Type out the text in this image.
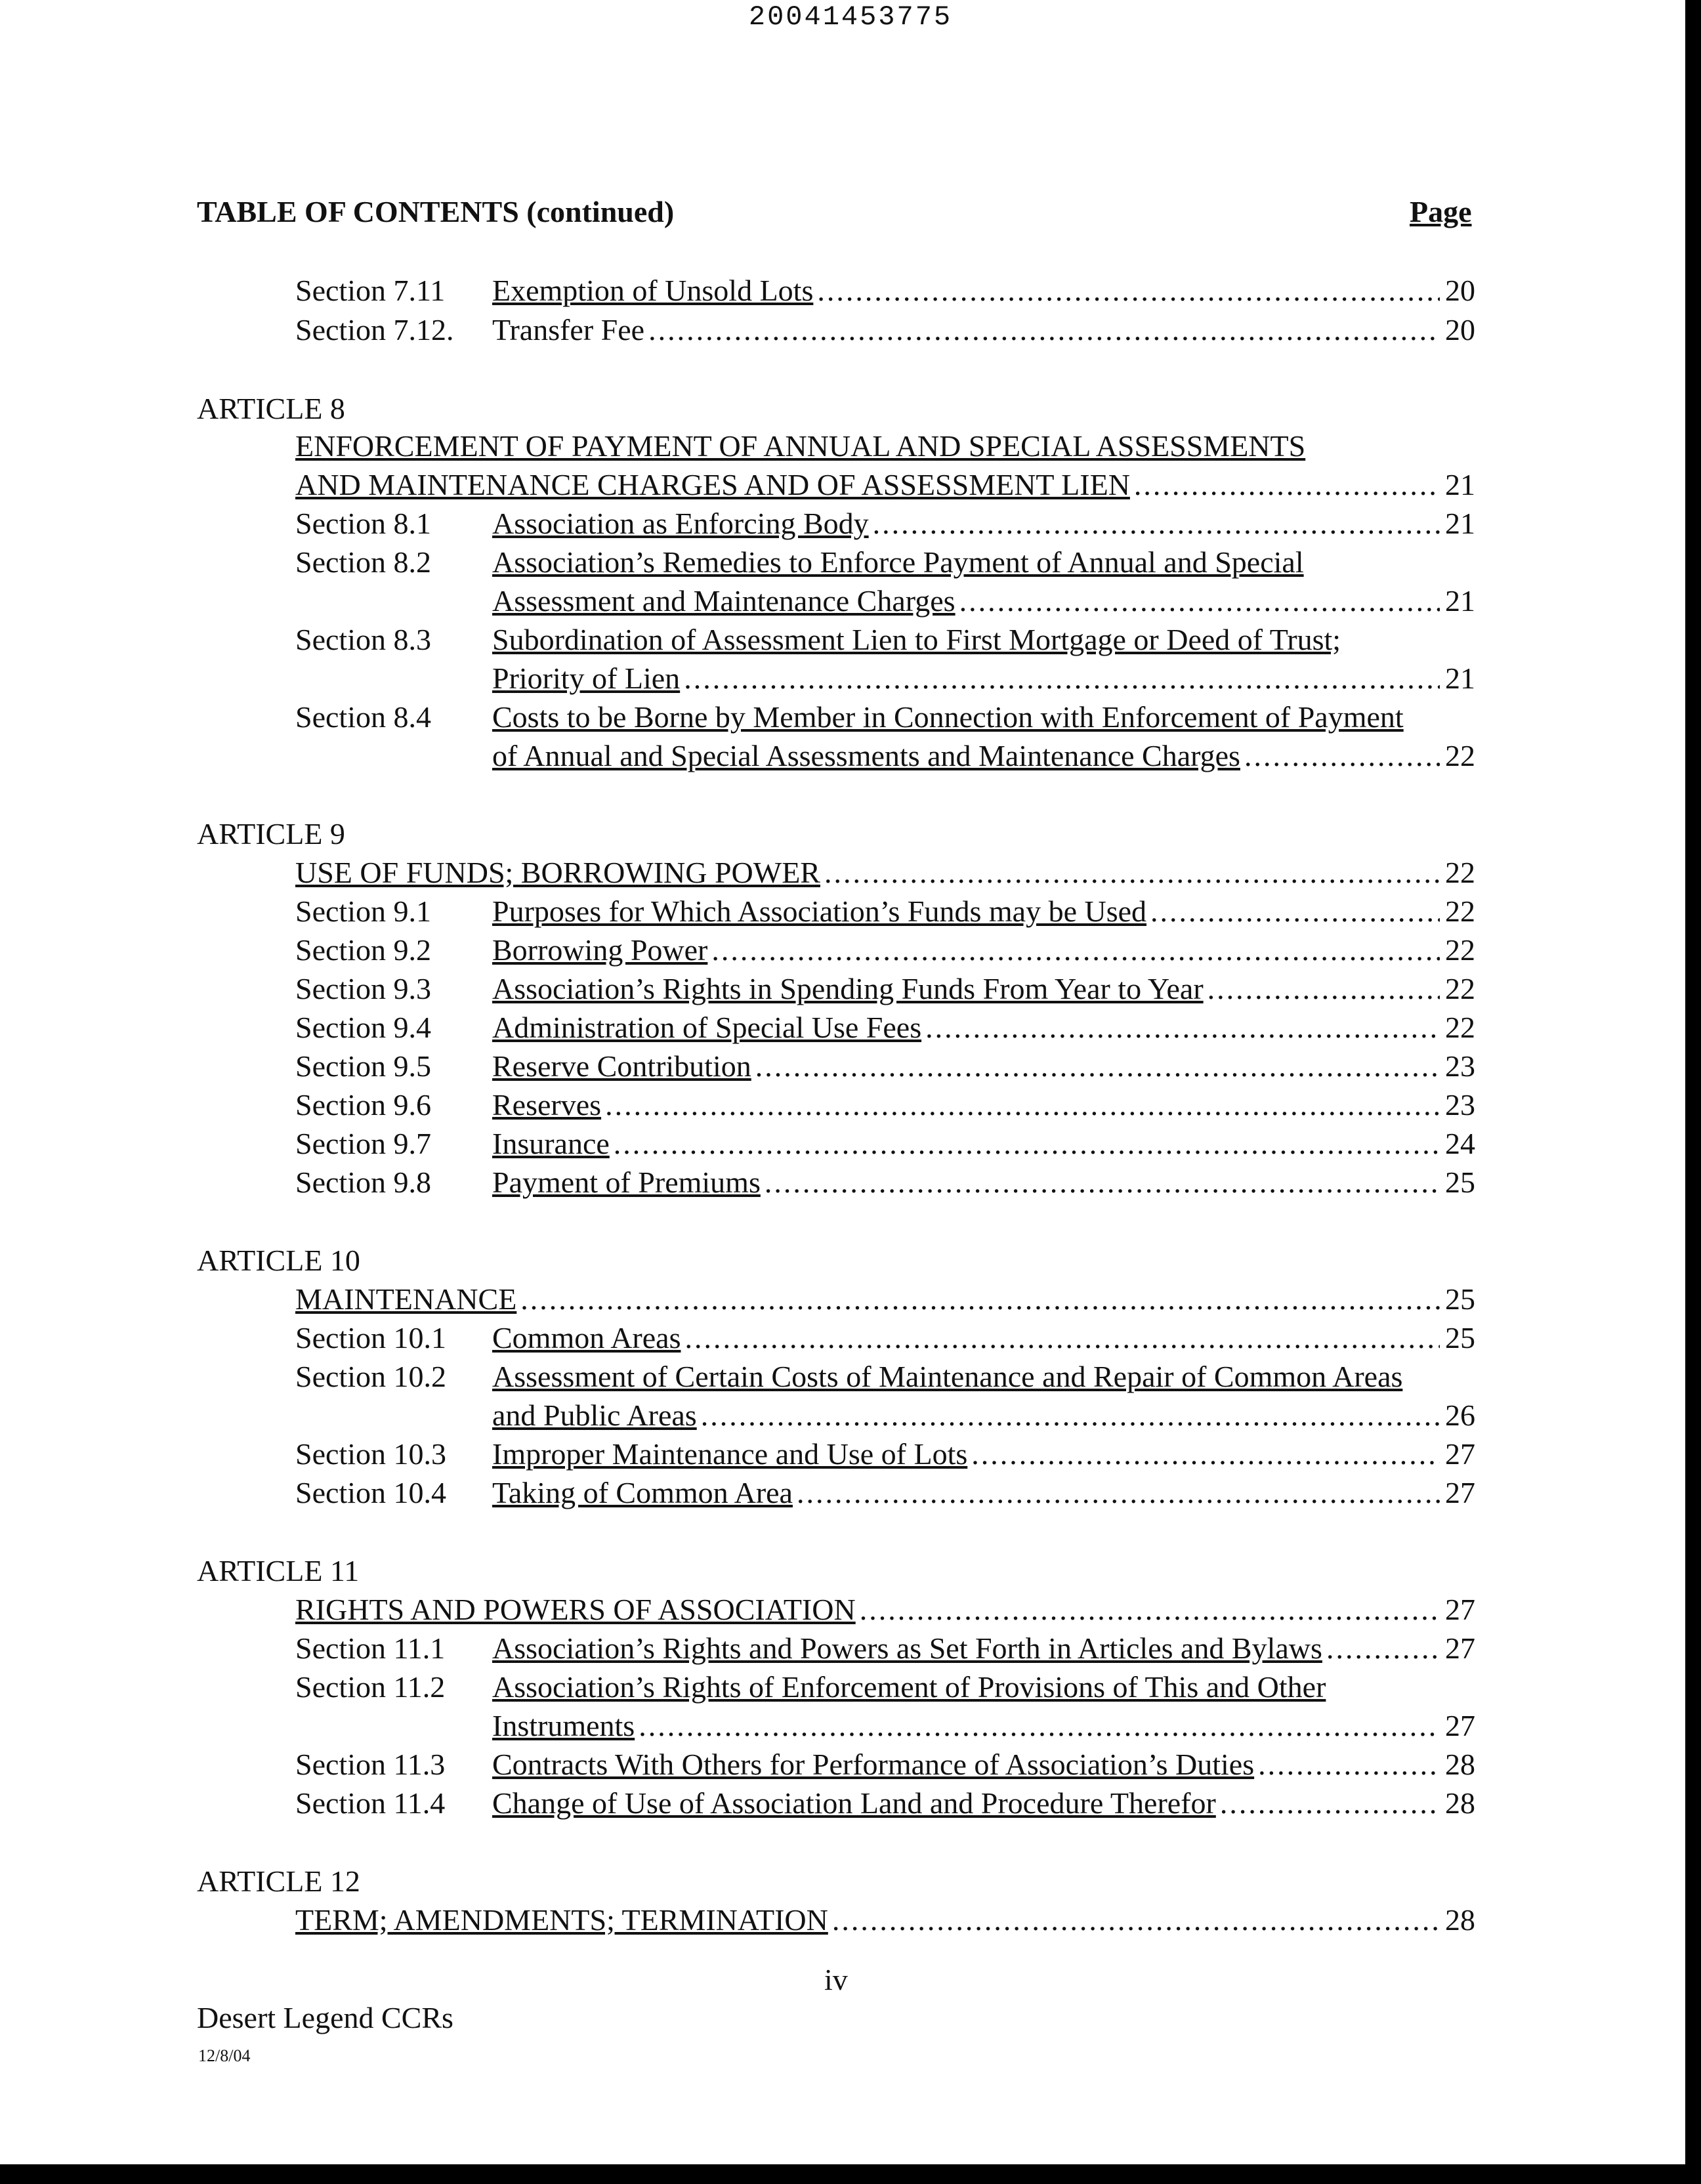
20041453775
TABLE OF CONTENTS (continued)	Page
Section 7.11 Exemption of Unsold Lots .....	20
Section 7.12. Transfer Fee .....	20
ARTICLE 8
ENFORCEMENT OF PAYMENT OF ANNUAL AND SPECIAL ASSESSMENTS
AND MAINTENANCE CHARGES AND OF ASSESSMENT LIEN .....	21
Section 8.1 Association as Enforcing Body .....	21
Section 8.2 Association’s Remedies to Enforce Payment of Annual and Special
Assessment and Maintenance Charges .....	21
Section 8.3 Subordination of Assessment Lien to First Mortgage or Deed of Trust;
Priority of Lien .....	21
Section 8.4 Costs to be Borne by Member in Connection with Enforcement of Payment
of Annual and Special Assessments and Maintenance Charges .....	22
ARTICLE 9
USE OF FUNDS; BORROWING POWER .....	22
Section 9.1 Purposes for Which Association’s Funds may be Used .....	22
Section 9.2 Borrowing Power .....	22
Section 9.3 Association’s Rights in Spending Funds From Year to Year .....	22
Section 9.4 Administration of Special Use Fees .....	22
Section 9.5 Reserve Contribution .....	23
Section 9.6 Reserves .....	23
Section 9.7 Insurance .....	24
Section 9.8 Payment of Premiums .....	25
ARTICLE 10
MAINTENANCE .....	25
Section 10.1 Common Areas .....	25
Section 10.2 Assessment of Certain Costs of Maintenance and Repair of Common Areas
and Public Areas .....	26
Section 10.3 Improper Maintenance and Use of Lots .....	27
Section 10.4 Taking of Common Area .....	27
ARTICLE 11
RIGHTS AND POWERS OF ASSOCIATION .....	27
Section 11.1 Association’s Rights and Powers as Set Forth in Articles and Bylaws .....	27
Section 11.2 Association’s Rights of Enforcement of Provisions of This and Other
Instruments .....	27
Section 11.3 Contracts With Others for Performance of Association’s Duties .....	28
Section 11.4 Change of Use of Association Land and Procedure Therefor .....	28
ARTICLE 12
TERM; AMENDMENTS; TERMINATION .....	28
iv
Desert Legend CCRs
12/8/04
